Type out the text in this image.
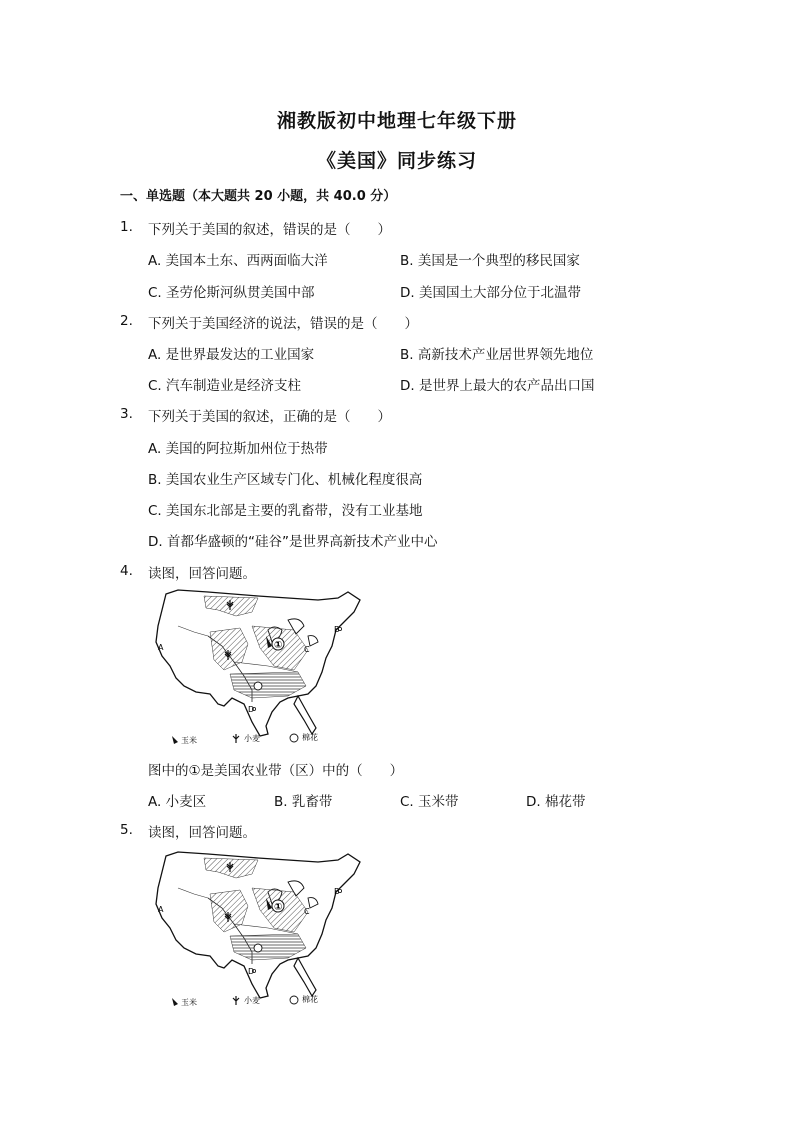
湘教版初中地理七年级下册
《美国》同步练习
一、单选题（本大题共 20 小题，共 40.0 分）
1. 下列关于美国的叙述，错误的是（　　）
A. 美国本土东、西两面临大洋	B. 美国是一个典型的移民国家
C. 圣劳伦斯河纵贯美国中部	D. 美国国土大部分位于北温带
2. 下列关于美国经济的说法，错误的是（　　）
A. 是世界最发达的工业国家	B. 高新技术产业居世界领先地位
C. 汽车制造业是经济支柱	D. 是世界上最大的农产品出口国
3. 下列关于美国的叙述，正确的是（　　）
A. 美国的阿拉斯加州位于热带
B. 美国农业生产区域专门化、机械化程度很高
C. 美国东北部是主要的乳畜带，没有工业基地
D. 首都华盛顿的“硅谷”是世界高新技术产业中心
4. 读图，回答问题。
A
B
C
D
①
玉米	小麦	棉花
图中的①是美国农业带（区）中的（　　）
A. 小麦区	B. 乳畜带	C. 玉米带	D. 棉花带
5. 读图，回答问题。
A
B
C
D
①
玉米	小麦	棉花
